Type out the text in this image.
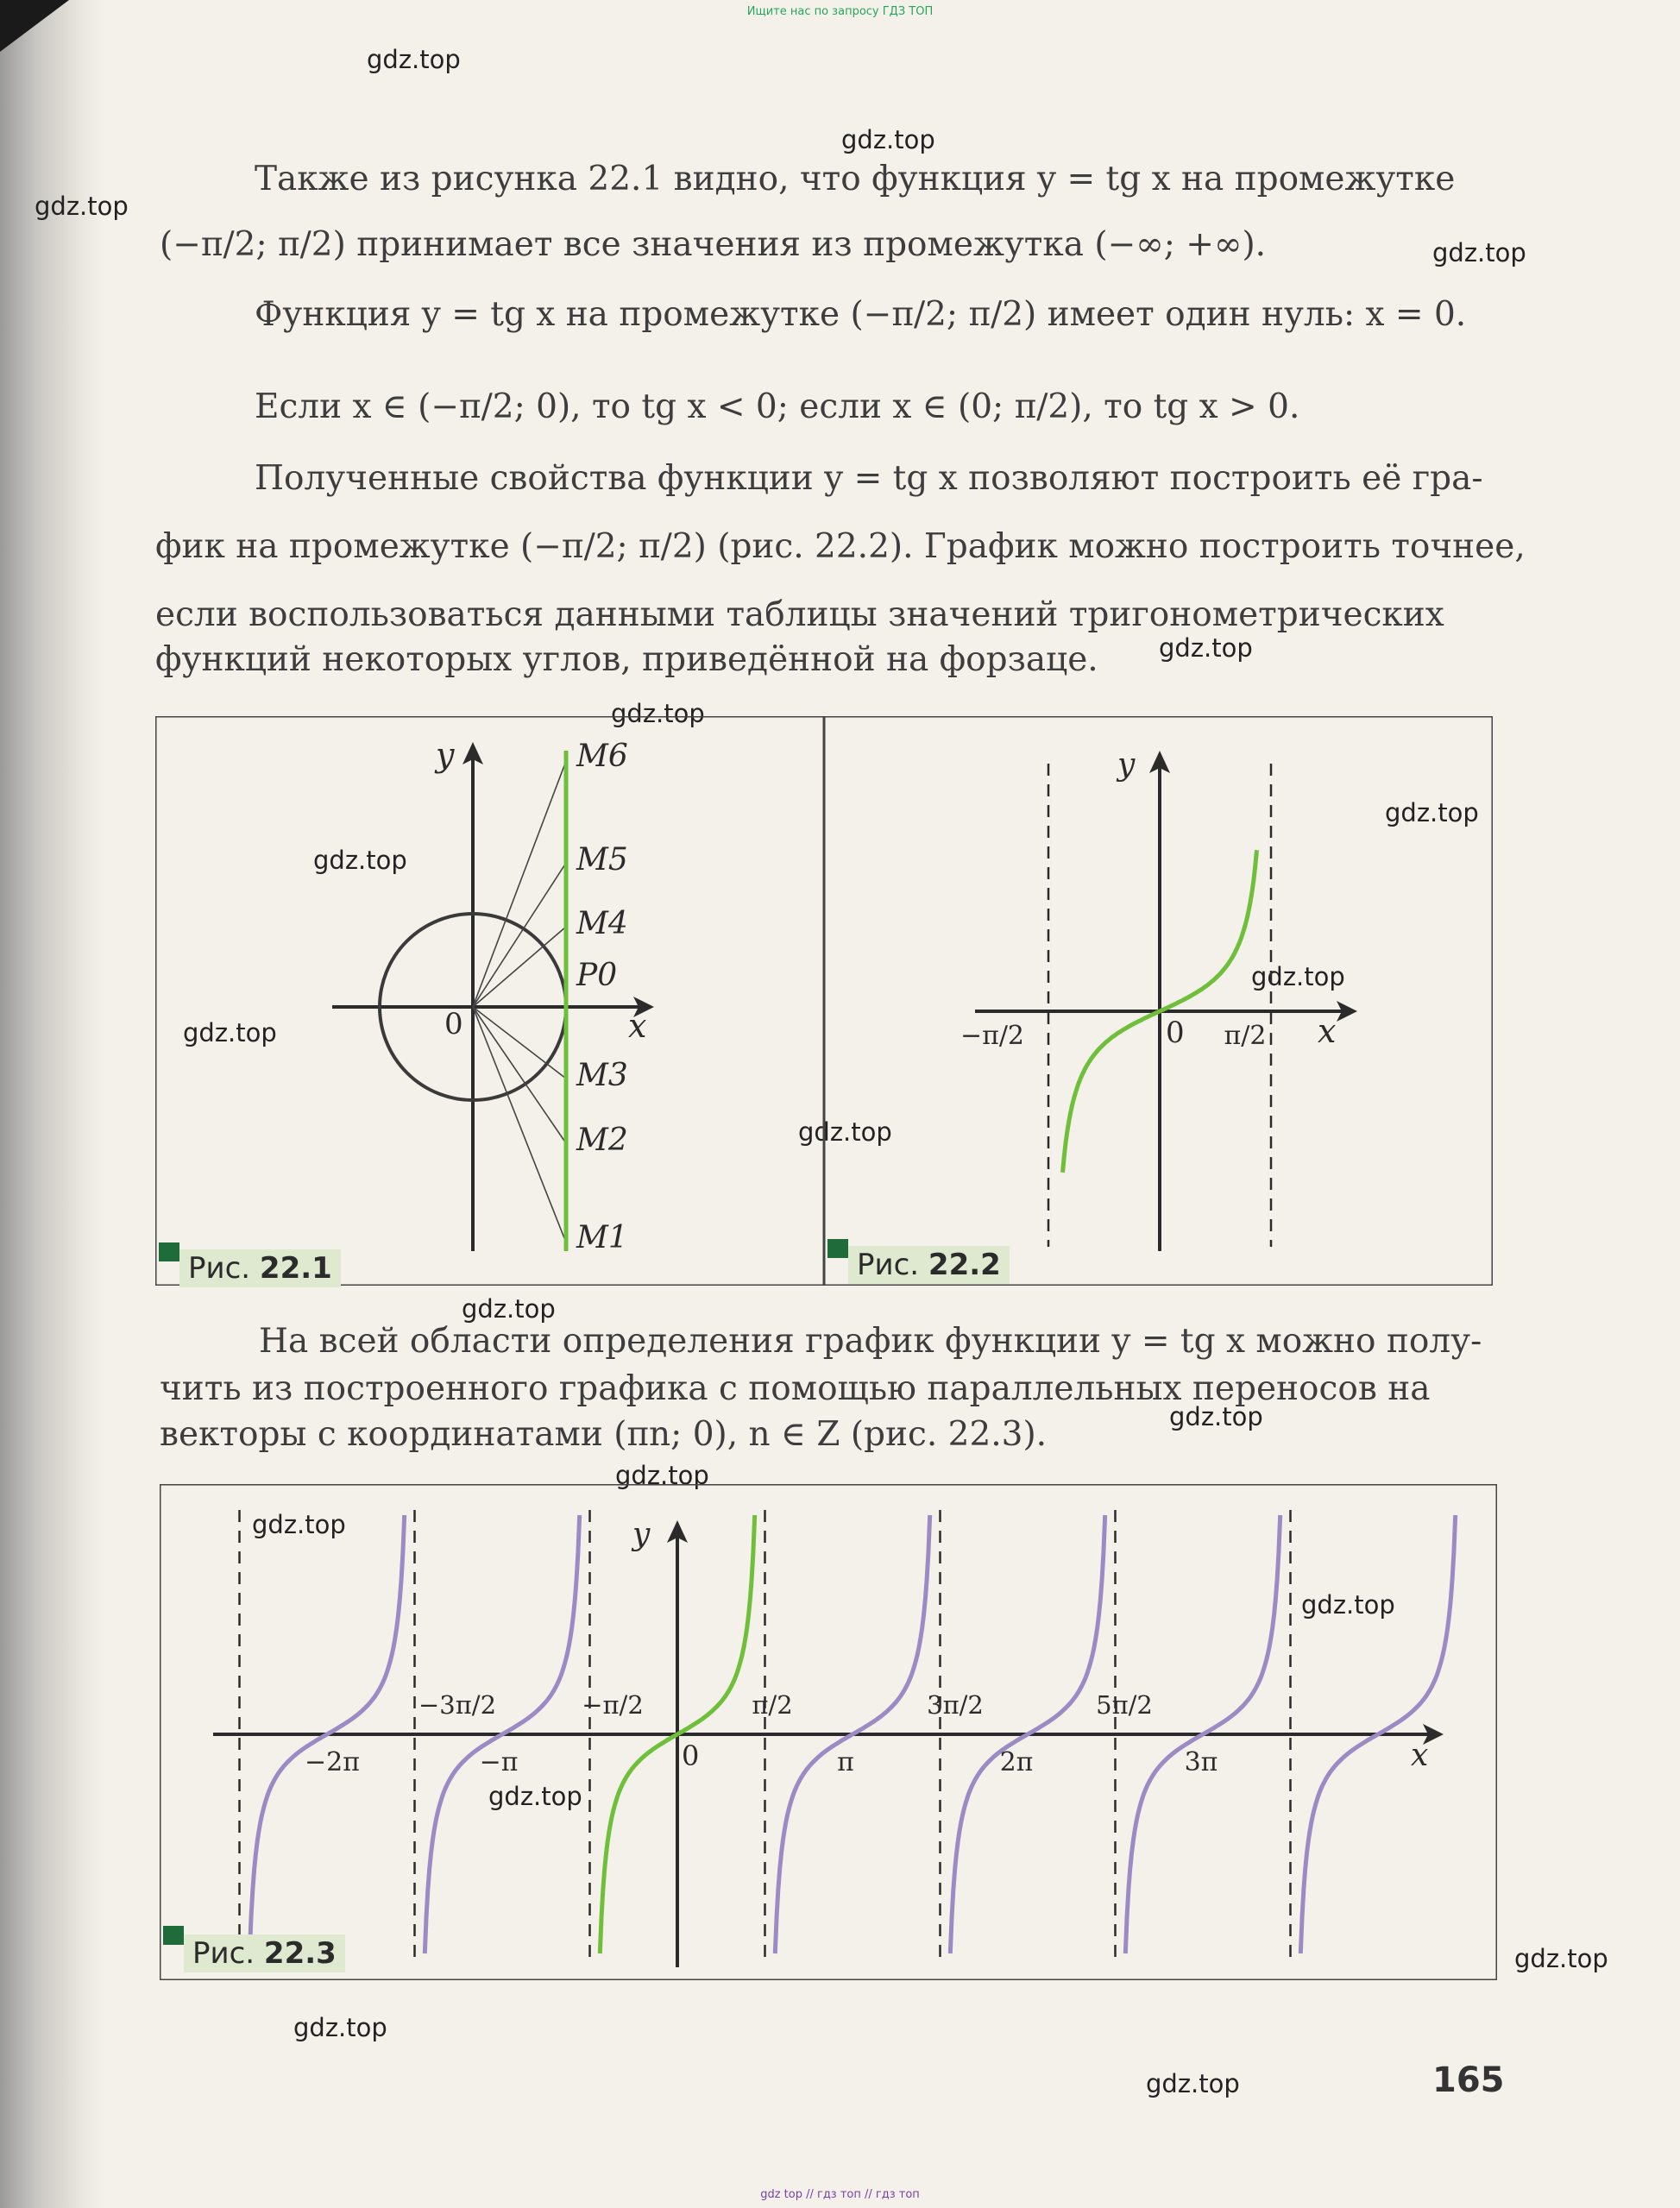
Ищите нас по запросу ГДЗ ТОП
gdz.top
gdz.top
gdz.top
gdz.top
gdz.top
gdz.top
gdz.top
gdz.top
gdz.top
gdz.top
gdz.top
gdz.top
gdz.top
gdz.top
gdz.top
gdz.top
gdz.top
gdz.top
gdz.top
gdz.top
Также из рисунка 22.1 видно, что функция y = tg x на промежутке
(−π/2; π/2) принимает все значения из промежутка (−∞; +∞).
Функция y = tg x на промежутке (−π/2; π/2) имеет один нуль: x = 0.
Если x ∈ (−π/2; 0), то tg x < 0; если x ∈ (0; π/2), то tg x > 0.
Полученные свойства функции y = tg x позволяют построить её гра-
фик на промежутке (−π/2; π/2) (рис. 22.2). График можно построить точнее,
если воспользоваться данными таблицы значений тригонометрических
функций некоторых углов, приведённой на форзаце.
y
x
0
M6
M5
M4
P0
M3
M2
M1
Рис. 22.1
y
x
0
−π/2	π/2
Рис. 22.2
На всей области определения график функции y = tg x можно полу-
чить из построенного графика с помощью параллельных переносов на
векторы с координатами (πn; 0), n ∈ Z (рис. 22.3).
y
x
0
−3π/2	−π/2	π/2	3π/2	5π/2
−2π	−π	π	2π	3π
Рис. 22.3
165
gdz top // гдз топ // гдз топ
